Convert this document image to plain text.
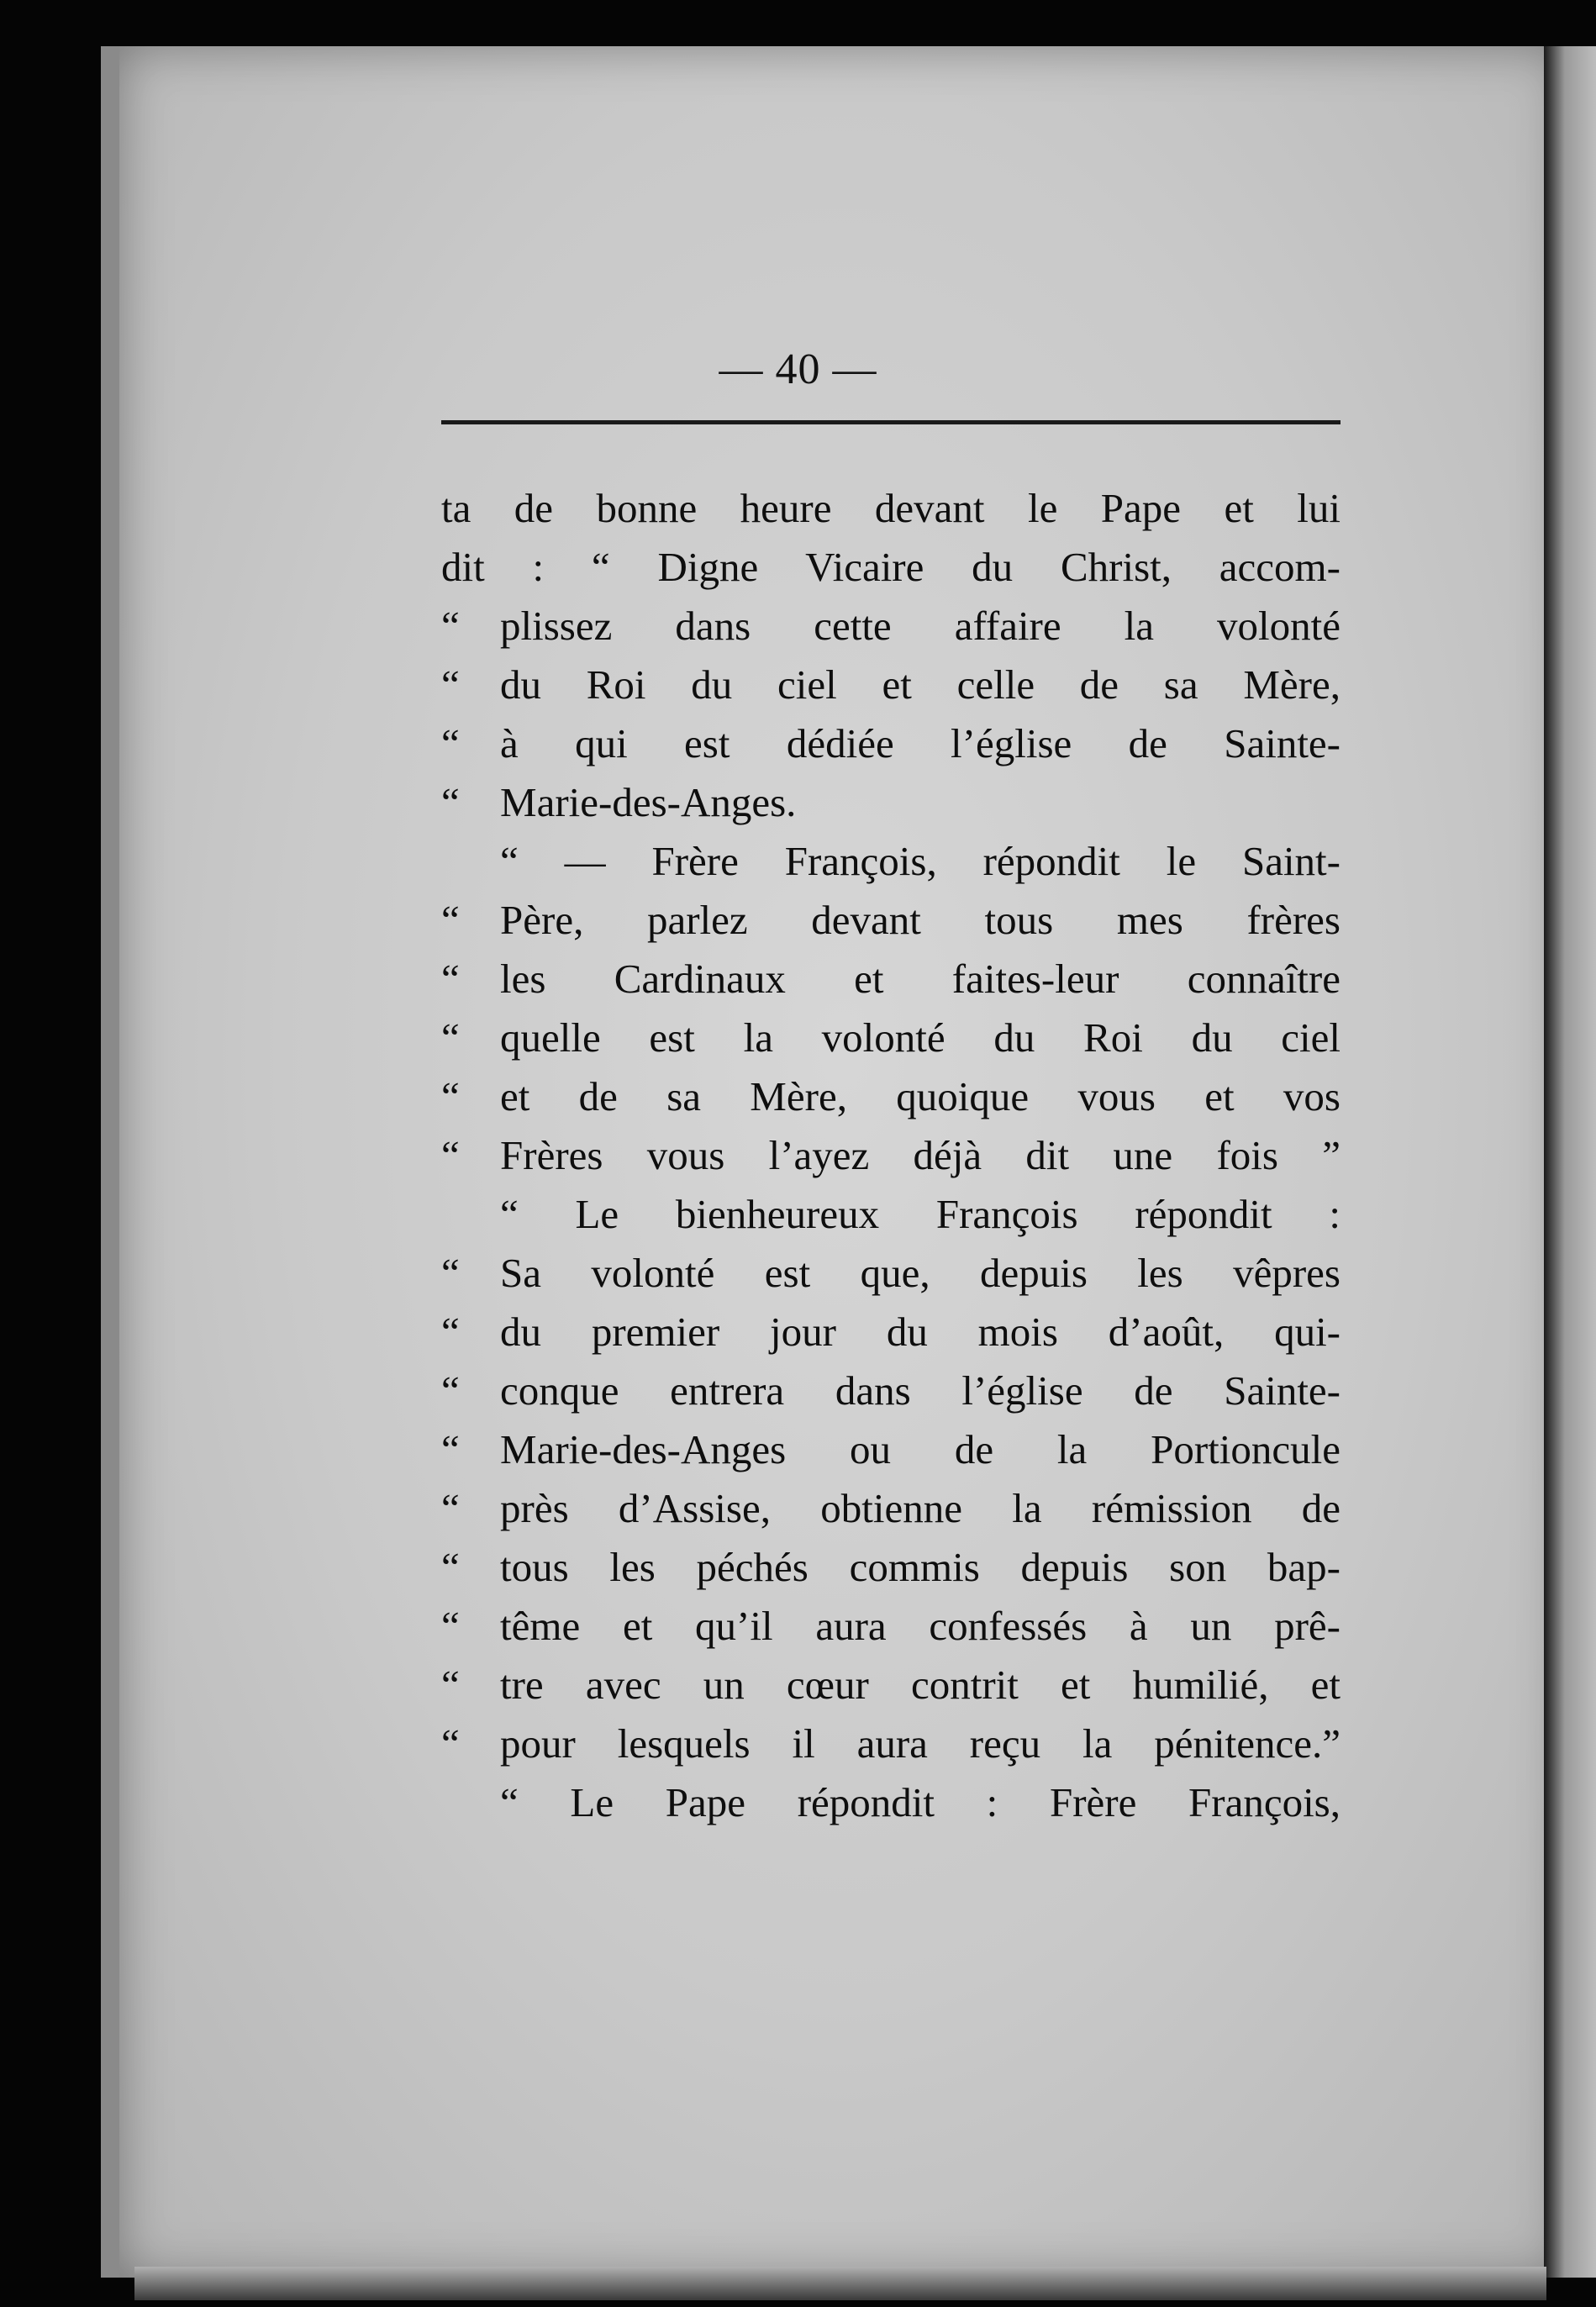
— 40 —
ta de bonne heure devant le Pape et lui
dit : “ Digne Vicaire du Christ, accom-
“ plissez dans cette affaire la volonté
“ du Roi du ciel et celle de sa Mère,
“ à qui est dédiée l’église de Sainte-
“ Marie-des-Anges.
“ — Frère François, répondit le Saint-
“ Père, parlez devant tous mes frères
“ les Cardinaux et faites-leur connaître
“ quelle est la volonté du Roi du ciel
“ et de sa Mère, quoique vous et vos
“ Frères vous l’ayez déjà dit une fois ”
“ Le bienheureux François répondit :
“ Sa volonté est que, depuis les vêpres
“ du premier jour du mois d’août, qui-
“ conque entrera dans l’église de Sainte-
“ Marie-des-Anges ou de la Portioncule
“ près d’Assise, obtienne la rémission de
“ tous les péchés commis depuis son bap-
“ tême et qu’il aura confessés à un prê-
“ tre avec un cœur contrit et humilié, et
“ pour lesquels il aura reçu la pénitence.”
“ Le Pape répondit : Frère François,
